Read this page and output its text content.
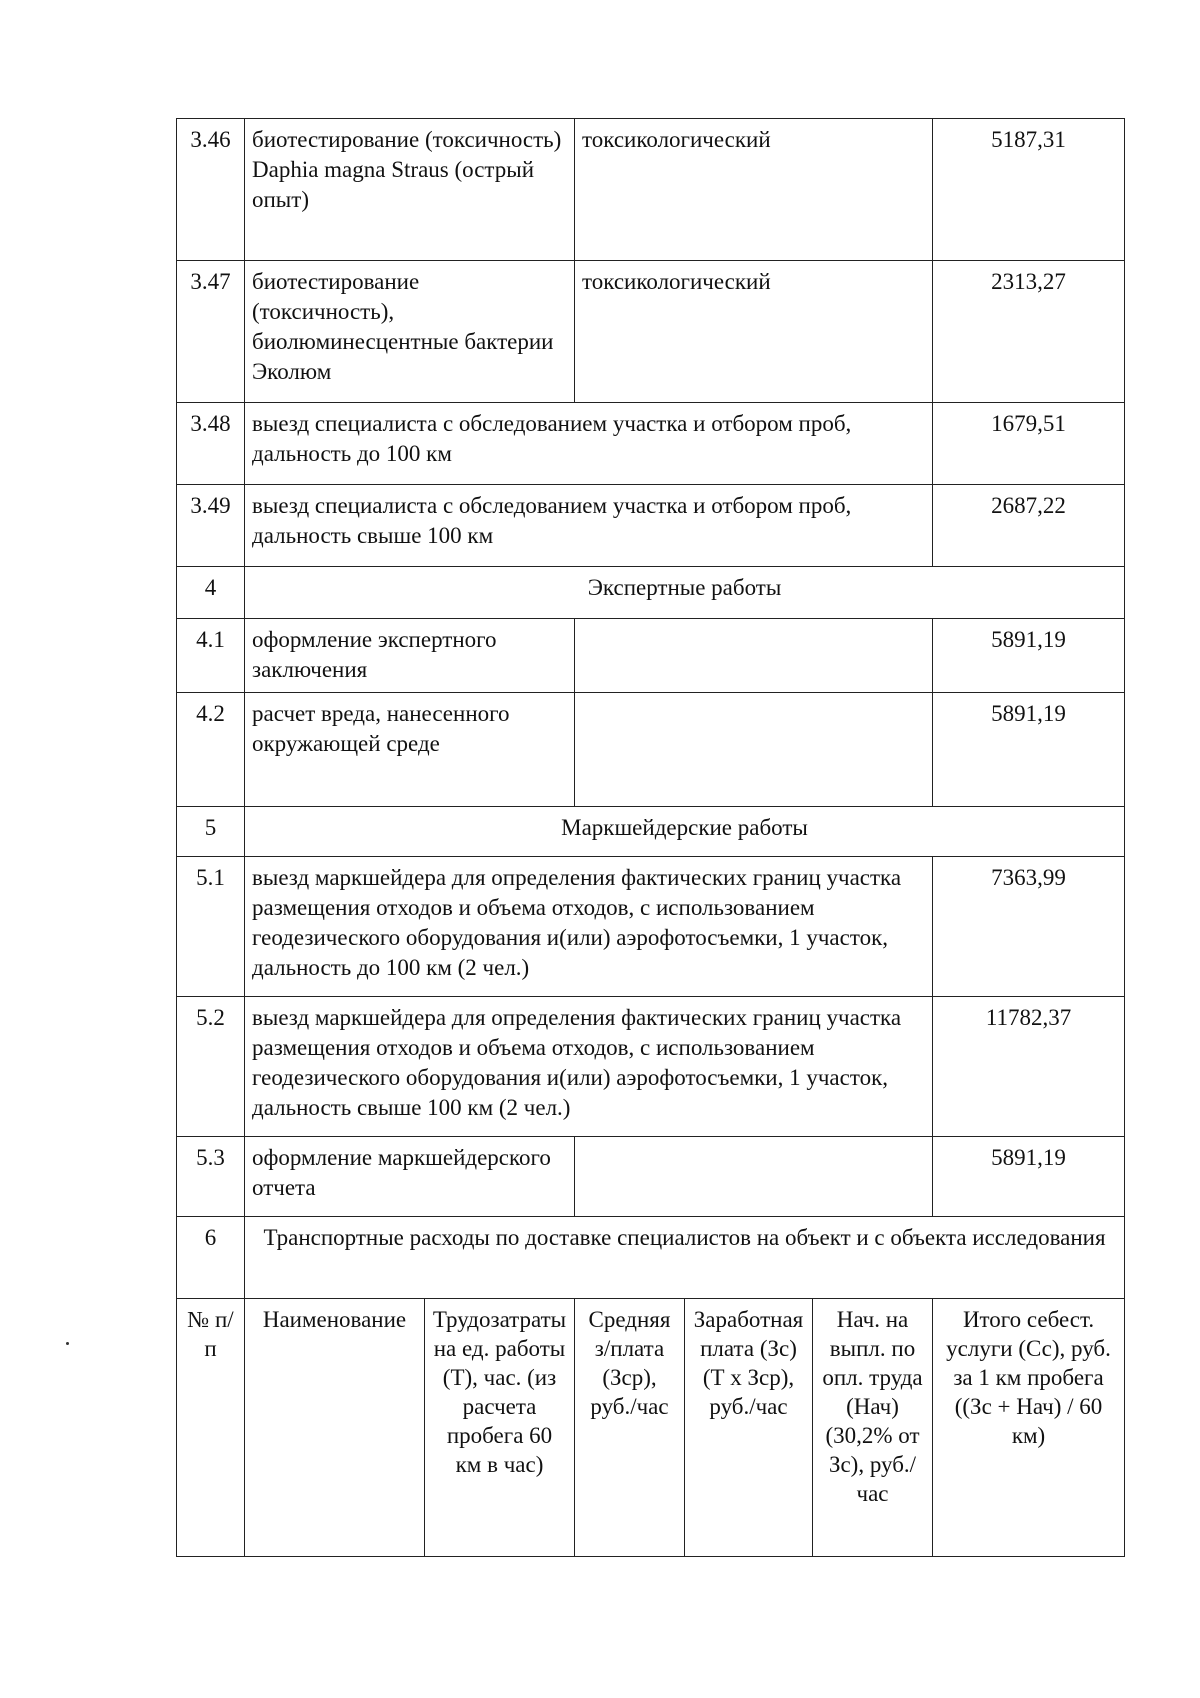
3.46	биотестирование (токсичность) Daphia magna Straus (острый опыт)		токсикологический			5187,31
3.47	биотестирование (токсичность), биолюминесцентные бактерии Эколюм		токсикологический			2313,27
3.48	выезд специалиста с обследованием участка и отбором проб, дальность до 100 км					1679,51
3.49	выезд специалиста с обследованием участка и отбором проб, дальность свыше 100 км					2687,22
4	Экспертные работы					
4.1	оформление экспертного заключения					5891,19
4.2	расчет вреда, нанесенного окружающей среде					5891,19
5	Маркшейдерские работы					
5.1	выезд маркшейдера для определения фактических границ участка размещения отходов и объема отходов, с использованием геодезического оборудования и(или) аэрофотосъемки, 1 участок, дальность до 100 км (2 чел.)					7363,99
5.2	выезд маркшейдера для определения фактических границ участка размещения отходов и объема отходов, с использованием геодезического оборудования и(или) аэрофотосъемки, 1 участок, дальность свыше 100 км (2 чел.)					11782,37
5.3	оформление маркшейдерского отчета					5891,19
6	Транспортные расходы по доставке специалистов на объект и с объекта исследования					
№ п/п	Наименование	Трудозатраты на ед. работы (Т), час. (из расчета пробега 60 км в час)	Средняя з/плата (Зср), руб./час	Заработная плата (Зс) (Т х Зср), руб./час	Нач. на выпл. по опл. труда (Нач) (30,2% от Зс), руб./час	Итого себест. услуги (Сс), руб. за 1 км пробега ((Зс + Нач) / 60 км)
